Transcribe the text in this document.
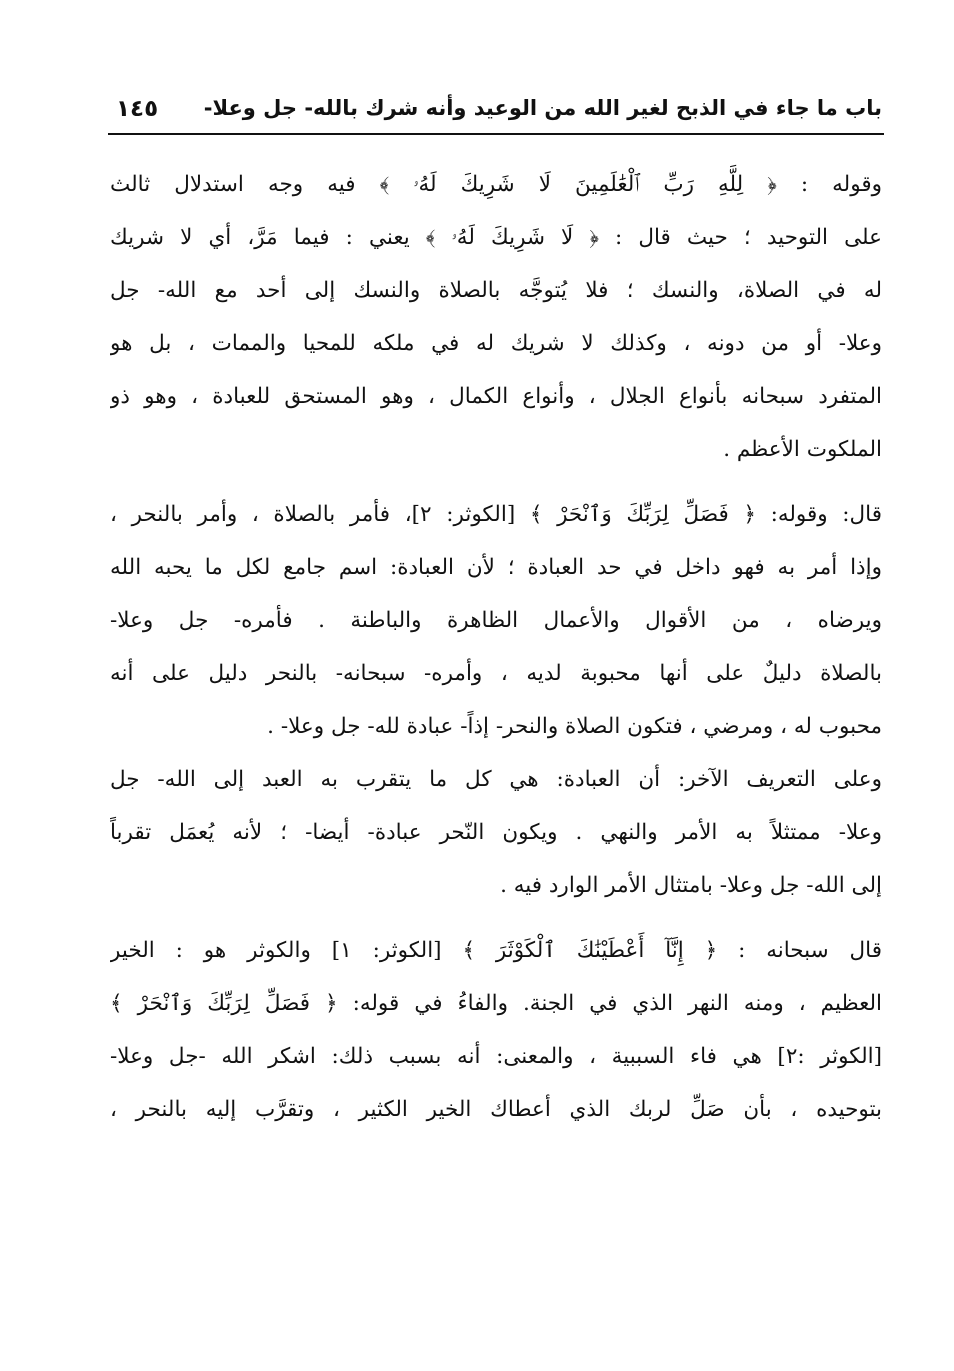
باب ما جاء في الذبح لغير الله من الوعيد وأنه شرك بالله- جل وعلا-
١٤٥

وقوله : ﴿ لِلَّهِ رَبِّ ٱلْعَٰلَمِينَ لَا شَرِيكَ لَهُۥ ﴾ فيه وجه استدلال ثالث
على التوحيد ؛ حيث قال : ﴿ لَا شَرِيكَ لَهُۥ ﴾ يعني : فيما مَرَّ، أي لا شريك
له في الصلاة، والنسك ؛ فلا يُتوجَّه بالصلاة والنسك إلى أحد مع الله- جل
وعلا- أو من دونه ، وكذلك لا شريك له في ملكه للمحيا والممات ، بل هو
المتفرد سبحانه بأنواع الجلال ، وأنواع الكمال ، وهو المستحق للعبادة ، وهو ذو
الملكوت الأعظم .

قال: وقوله: ﴿ فَصَلِّ لِرَبِّكَ وَٱنْحَرْ ﴾ [الكوثر: ٢]، فأمر بالصلاة ، وأمر بالنحر ،
وإذا أمر به فهو داخل في حد العبادة ؛ لأن العبادة: اسم جامع لكل ما يحبه الله
ويرضاه ، من الأقوال والأعمال الظاهرة والباطنة . فأمره- جل وعلا-
بالصلاة دليلٌ على أنها محبوبة لديه ، وأمره- سبحانه- بالنحر دليل على أنه
محبوب له ، ومرضي ، فتكون الصلاة والنحر- إذاً- عبادة لله- جل وعلا- .

وعلى التعريف الآخر: أن العبادة: هي كل ما يتقرب به العبد إلى الله- جل
وعلا- ممتثلاً به الأمر والنهي . ويكون النّحر عبادة- أيضا- ؛ لأنه يُعمَل تقرباً
إلى الله- جل وعلا- بامتثال الأمر الوارد فيه .

قال سبحانه : ﴿ إِنَّآ أَعْطَيْنَٰكَ ٱلْكَوْثَرَ ﴾ [الكوثر: ١] والكوثر هو : الخير
العظيم ، ومنه النهر الذي في الجنة. والفاءُ في قوله: ﴿ فَصَلِّ لِرَبِّكَ وَٱنْحَرْ ﴾
[الكوثر :٢] هي فاء السببية ، والمعنى: أنه بسبب ذلك: اشكر الله -جل وعلا-
بتوحيده ، بأن صَلِّ لربك الذي أعطاك الخير الكثير ، وتقرَّب إليه بالنحر ،
